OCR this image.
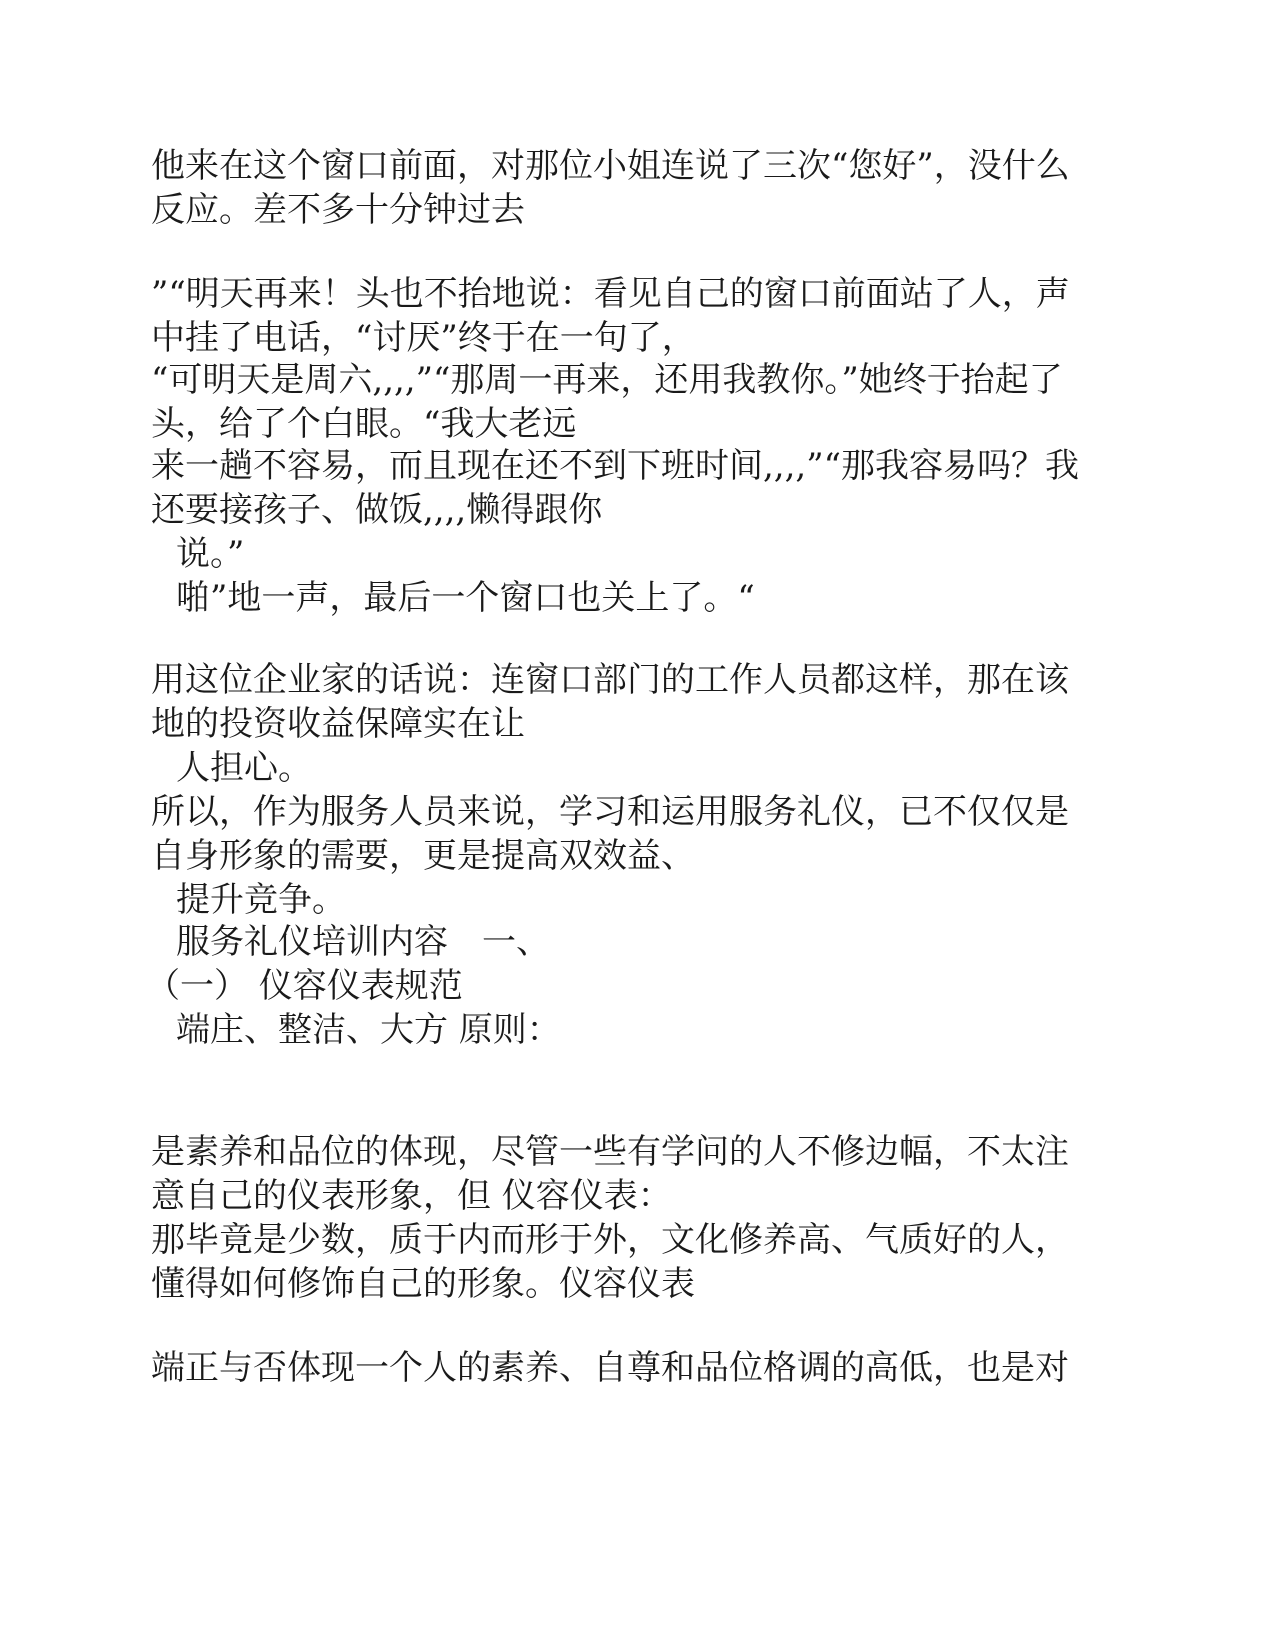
他来在这个窗口前面，对那位小姐连说了三次“您好”，没什么

反应。差不多十分钟过去

”“明天再来！头也不抬地说：看见自己的窗口前面站了人，声

中挂了电话，“讨厌”终于在一句了，

“可明天是周六,,,,”“那周一再来，还用我教你。”她终于抬起了

头，给了个白眼。“我大老远

来一趟不容易，而且现在还不到下班时间,,,,”“那我容易吗？我

还要接孩子、做饭,,,,懒得跟你

说。”

啪”地一声，最后一个窗口也关上了。“

用这位企业家的话说：连窗口部门的工作人员都这样，那在该

地的投资收益保障实在让

人担心。

所以，作为服务人员来说，学习和运用服务礼仪，已不仅仅是

自身形象的需要，更是提高双效益、

提升竞争。

服务礼仪培训内容　一、

（一） 仪容仪表规范

端庄、整洁、大方 原则：

是素养和品位的体现，尽管一些有学问的人不修边幅，不太注

意自己的仪表形象，但 仪容仪表：

那毕竟是少数，质于内而形于外，文化修养高、气质好的人，

懂得如何修饰自己的形象。仪容仪表

端正与否体现一个人的素养、自尊和品位格调的高低，也是对
